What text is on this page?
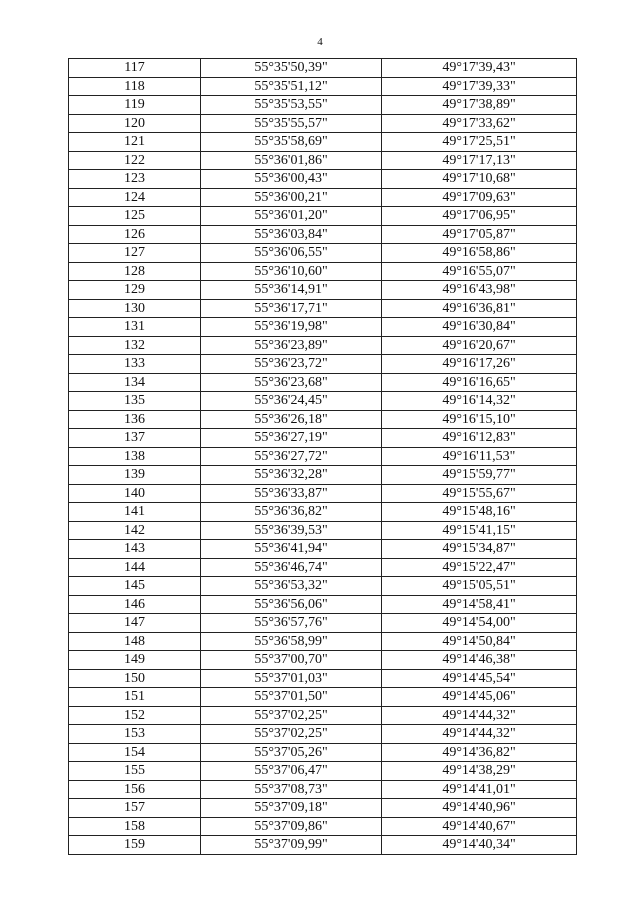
4
117	55°35'50,39"	49°17'39,43"
118	55°35'51,12"	49°17'39,33"
119	55°35'53,55"	49°17'38,89"
120	55°35'55,57"	49°17'33,62"
121	55°35'58,69"	49°17'25,51"
122	55°36'01,86"	49°17'17,13"
123	55°36'00,43"	49°17'10,68"
124	55°36'00,21"	49°17'09,63"
125	55°36'01,20"	49°17'06,95"
126	55°36'03,84"	49°17'05,87"
127	55°36'06,55"	49°16'58,86"
128	55°36'10,60"	49°16'55,07"
129	55°36'14,91"	49°16'43,98"
130	55°36'17,71"	49°16'36,81"
131	55°36'19,98"	49°16'30,84"
132	55°36'23,89"	49°16'20,67"
133	55°36'23,72"	49°16'17,26"
134	55°36'23,68"	49°16'16,65"
135	55°36'24,45"	49°16'14,32"
136	55°36'26,18"	49°16'15,10"
137	55°36'27,19"	49°16'12,83"
138	55°36'27,72"	49°16'11,53"
139	55°36'32,28"	49°15'59,77"
140	55°36'33,87"	49°15'55,67"
141	55°36'36,82"	49°15'48,16"
142	55°36'39,53"	49°15'41,15"
143	55°36'41,94"	49°15'34,87"
144	55°36'46,74"	49°15'22,47"
145	55°36'53,32"	49°15'05,51"
146	55°36'56,06"	49°14'58,41"
147	55°36'57,76"	49°14'54,00"
148	55°36'58,99"	49°14'50,84"
149	55°37'00,70"	49°14'46,38"
150	55°37'01,03"	49°14'45,54"
151	55°37'01,50"	49°14'45,06"
152	55°37'02,25"	49°14'44,32"
153	55°37'02,25"	49°14'44,32"
154	55°37'05,26"	49°14'36,82"
155	55°37'06,47"	49°14'38,29"
156	55°37'08,73"	49°14'41,01"
157	55°37'09,18"	49°14'40,96"
158	55°37'09,86"	49°14'40,67"
159	55°37'09,99"	49°14'40,34"
